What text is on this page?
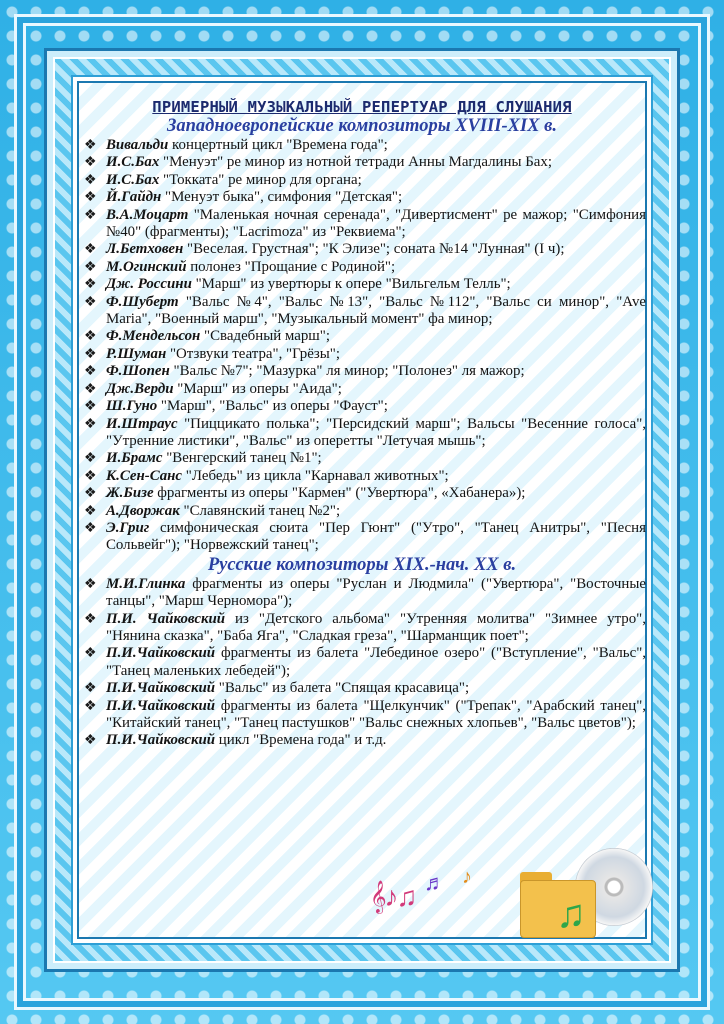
ПРИМЕРНЫЙ МУЗЫКАЛЬНЫЙ РЕПЕРТУАР ДЛЯ СЛУШАНИЯ
Западноевропейские композиторы XVIII-XIX в.
❖ Вивальди концертный цикл "Времена года";
❖ И.С.Бах "Менуэт" ре минор из нотной тетради Анны Магдалины Бах;
❖ И.С.Бах "Токката" ре минор для органа;
❖ Й.Гайдн "Менуэт быка", симфония "Детская";
❖ В.А.Моцарт "Маленькая ночная серенада", "Дивертисмент" ре мажор; "Симфония №40" (фрагменты); "Lacrimoza" из "Реквиема";
❖ Л.Бетховен "Веселая. Грустная"; "К Элизе"; соната №14 "Лунная" (I ч);
❖ М.Огинский полонез "Прощание с Родиной";
❖ Дж. Россини "Марш" из увертюры к опере "Вильгельм Телль";
❖ Ф.Шуберт "Вальс №4", "Вальс №13", "Вальс №112", "Вальс си минор", "Ave Maria", "Военный марш", "Музыкальный момент" фа минор;
❖ Ф.Мендельсон "Свадебный марш";
❖ Р.Шуман "Отзвуки театра", "Грёзы";
❖ Ф.Шопен "Вальс №7"; "Мазурка" ля минор; "Полонез" ля мажор;
❖ Дж.Верди "Марш" из оперы "Аида";
❖ Ш.Гуно "Марш", "Вальс" из оперы "Фауст";
❖ И.Штраус "Пиццикато полька"; "Персидский марш"; Вальсы "Весенние голоса", "Утренние листики", "Вальс" из оперетты "Летучая мышь";
❖ И.Брамс "Венгерский танец №1";
❖ К.Сен-Санс "Лебедь" из цикла "Карнавал животных";
❖ Ж.Бизе фрагменты из оперы "Кармен" ("Увертюра", «Хабанера»);
❖ А.Дворжак "Славянский танец №2";
❖ Э.Григ симфоническая сюита "Пер Гюнт" ("Утро", "Танец Анитры", "Песня Сольвейг"); "Норвежский танец";
Русские композиторы XIX.-нач. XX в.
❖ М.И.Глинка фрагменты из оперы "Руслан и Людмила" ("Увертюра", "Восточные танцы", "Марш Черномора");
❖ П.И. Чайковский из "Детского альбома" "Утренняя молитва" "Зимнее утро", "Нянина сказка", "Баба Яга", "Сладкая греза", "Шарманщик поет";
❖ П.И.Чайковский фрагменты из балета "Лебединое озеро" ("Вступление", "Вальс", "Танец маленьких лебедей");
❖ П.И.Чайковский "Вальс" из балета "Спящая красавица";
❖ П.И.Чайковский фрагменты из балета "Щелкунчик" ("Трепак", "Арабский танец", "Китайский танец", "Танец пастушков" "Вальс снежных хлопьев", "Вальс цветов");
❖ П.И.Чайковский цикл "Времена года" и т.д.
𝄞♪♫ ♬ ♪
♫
